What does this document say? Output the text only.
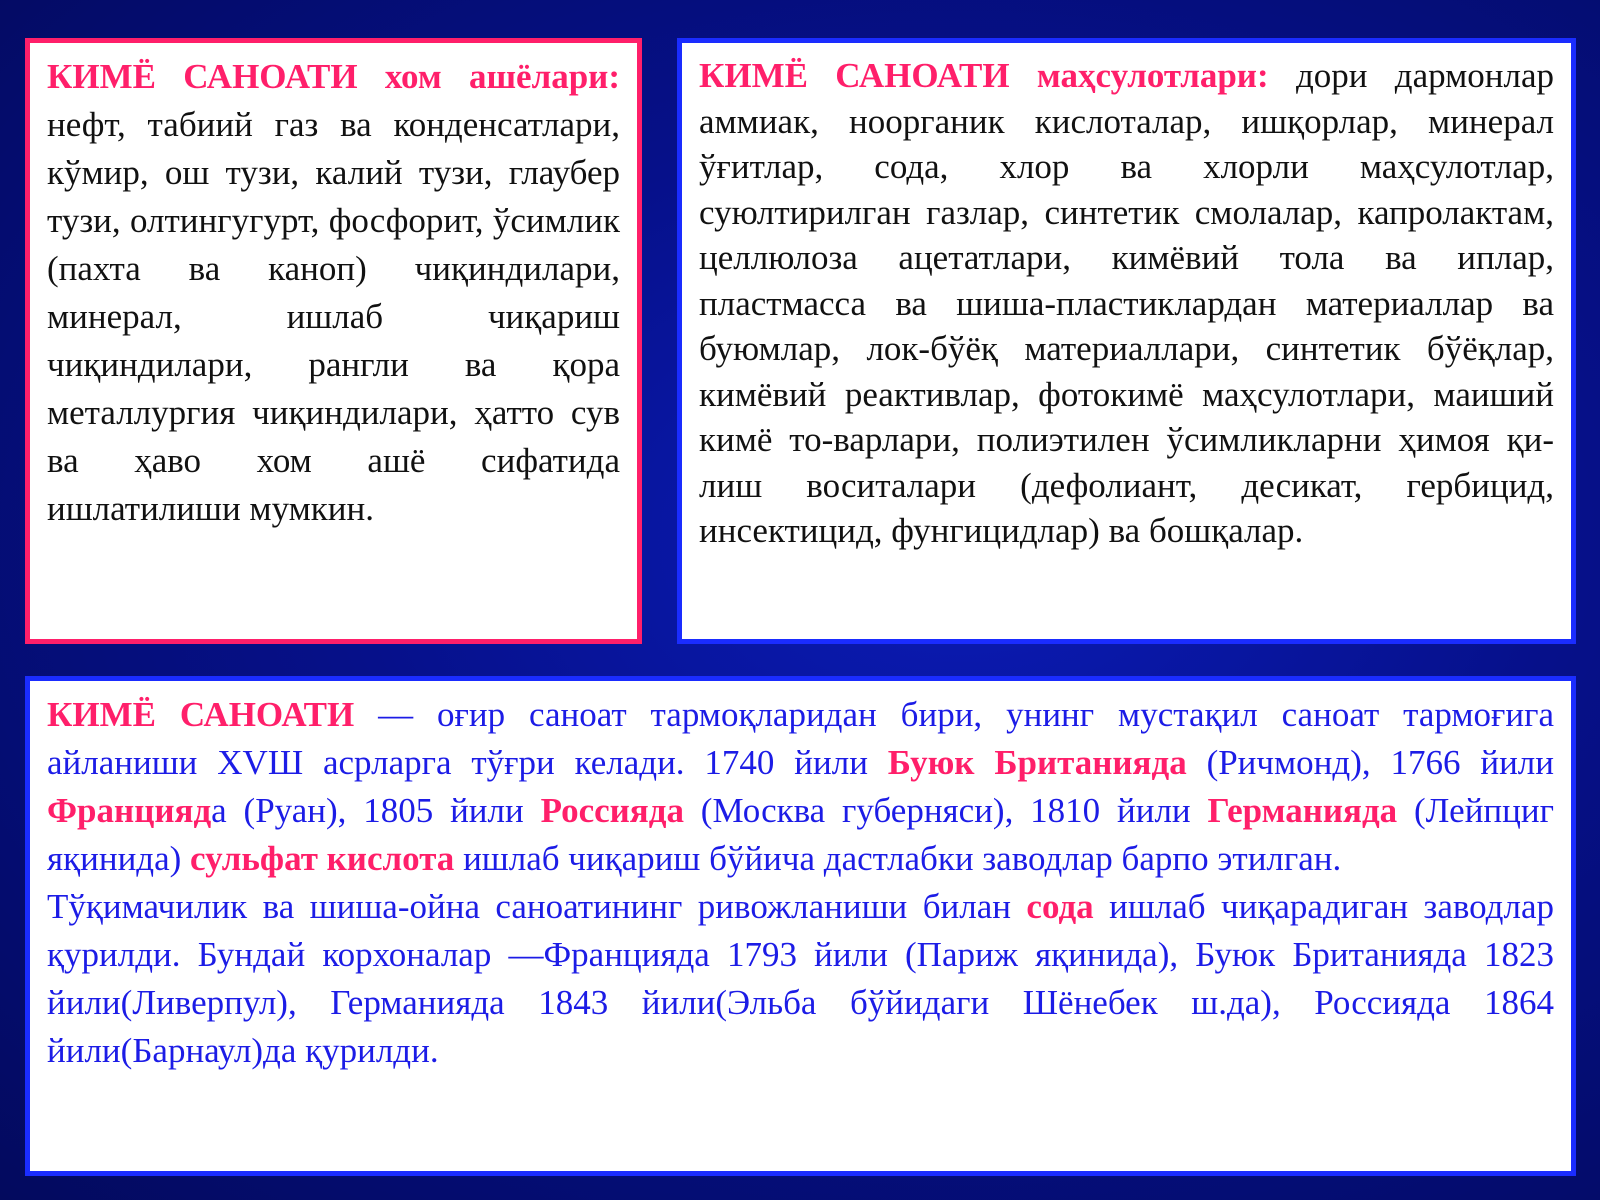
КИМЁ САНОАТИ хом ашёлари: нефт, табиий газ ва конденсатлари, кўмир, ош тузи, калий тузи, глаубер тузи, олтингугурт, фосфорит, ўсимлик (пахта ва каноп) чиқиндилари, минерал, ишлаб чиқариш чиқиндилари, рангли ва қора металлургия чиқиндилари, ҳатто сув ва ҳаво хом ашё сифатида ишлатилиши мумкин.

КИМЁ САНОАТИ маҳсулотлари: дори дармонлар аммиак, ноорганик кислоталар, ишқорлар, минерал ўғитлар, сода, хлор ва хлорли маҳсулотлар, суюлтирилган газлар, синтетик смолалар, капролактам, целлюлоза ацетатлари, кимёвий тола ва иплар, пластмасса ва шиша-пластиклардан материаллар ва буюмлар, лок-бўёқ материаллари, синтетик бўёқлар, кимёвий реактивлар, фотокимё маҳсулотлари, маиший кимё то-варлари, полиэтилен ўсимликларни ҳимоя қи-лиш воситалари (дефолиант, десикат, гербицид, инсектицид, фунгицидлар) ва бошқалар.

КИМЁ САНОАТИ — оғир саноат тармоқларидан бири, унинг мустақил саноат тармоғига айланиши XVШ асрларга тўғри келади. 1740 йили Буюк Британияда (Ричмонд), 1766 йили Францияда (Руан), 1805 йили Россияда (Москва губерняси), 1810 йили Германияда (Лейпциг яқинида) сульфат кислота ишлаб чиқариш бўйича дастлабки заводлар барпо этилган.

Тўқимачилик ва шиша-ойна саноатининг ривожланиши билан сода ишлаб чиқарадиган заводлар қурилди. Бундай корхоналар —Францияда 1793 йили (Париж яқинида), Буюк Британияда 1823 йили(Ливерпул), Германияда 1843 йили(Эльба бўйидаги Шёнебек ш.да), Россияда 1864 йили(Барнаул)да қурилди.
